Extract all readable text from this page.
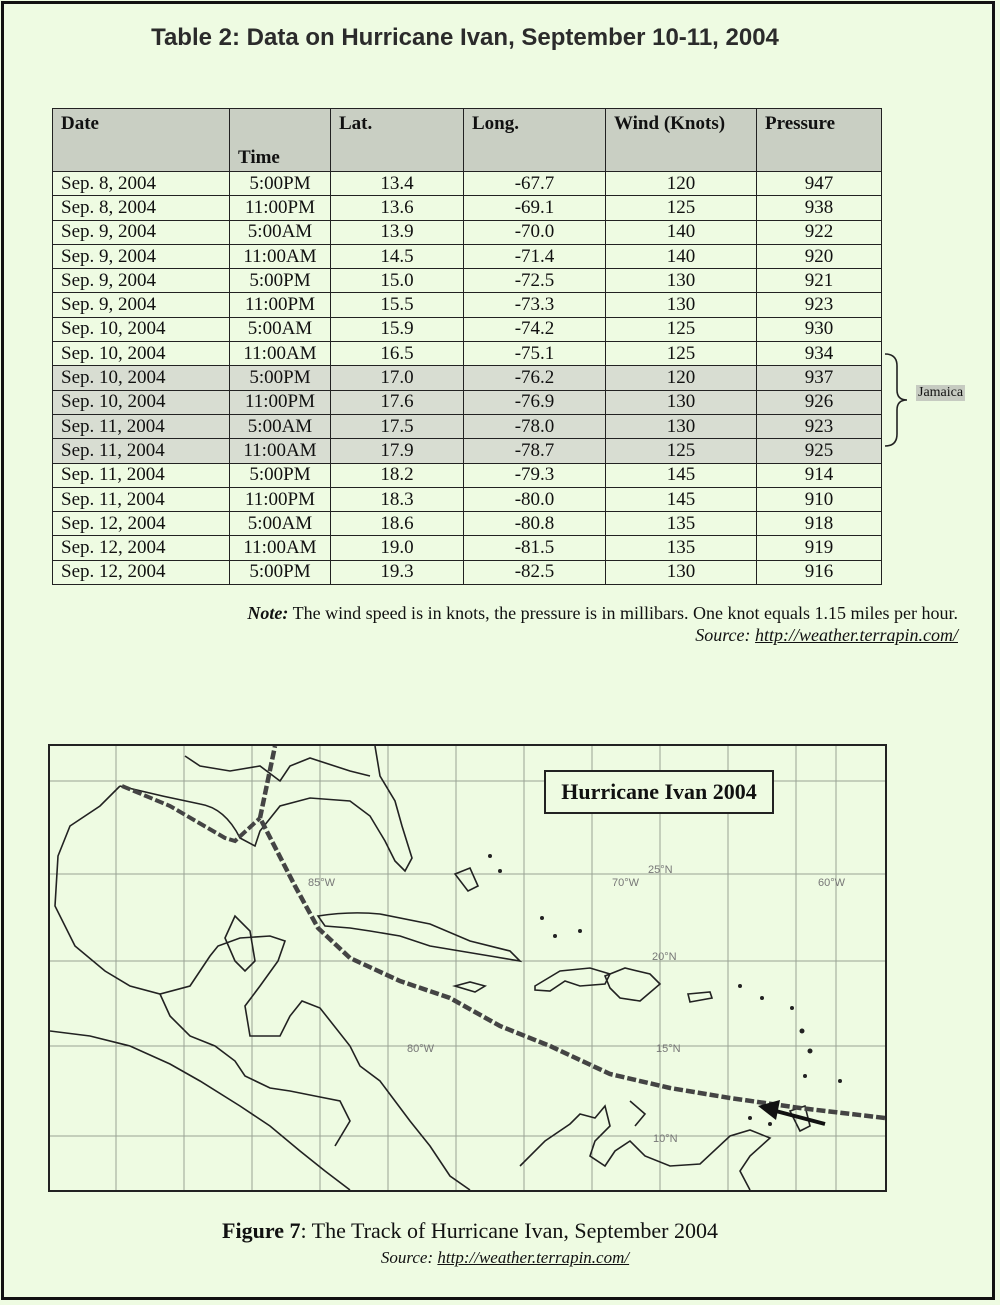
Table 2: Data on Hurricane Ivan, September 10-11, 2004
Date	Time	Lat.	Long.	Wind (Knots)	Pressure
Sep. 8, 2004	5:00PM	13.4	-67.7	120	947
Sep. 8, 2004	11:00PM	13.6	-69.1	125	938
Sep. 9, 2004	5:00AM	13.9	-70.0	140	922
Sep. 9, 2004	11:00AM	14.5	-71.4	140	920
Sep. 9, 2004	5:00PM	15.0	-72.5	130	921
Sep. 9, 2004	11:00PM	15.5	-73.3	130	923
Sep. 10, 2004	5:00AM	15.9	-74.2	125	930
Sep. 10, 2004	11:00AM	16.5	-75.1	125	934
Sep. 10, 2004	5:00PM	17.0	-76.2	120	937
Sep. 10, 2004	11:00PM	17.6	-76.9	130	926
Sep. 11, 2004	5:00AM	17.5	-78.0	130	923
Sep. 11, 2004	11:00AM	17.9	-78.7	125	925
Sep. 11, 2004	5:00PM	18.2	-79.3	145	914
Sep. 11, 2004	11:00PM	18.3	-80.0	145	910
Sep. 12, 2004	5:00AM	18.6	-80.8	135	918
Sep. 12, 2004	11:00AM	19.0	-81.5	135	919
Sep. 12, 2004	5:00PM	19.3	-82.5	130	916
Jamaica
Note: The wind speed is in knots, the pressure is in millibars. One knot equals 1.15 miles per hour.
Source: http://weather.terrapin.com/
85°W	70°W
25°N
60°W
20°N
80°W	15°N
10°N
Hurricane Ivan 2004
Figure 7: The Track of Hurricane Ivan, September 2004
Source: http://weather.terrapin.com/
